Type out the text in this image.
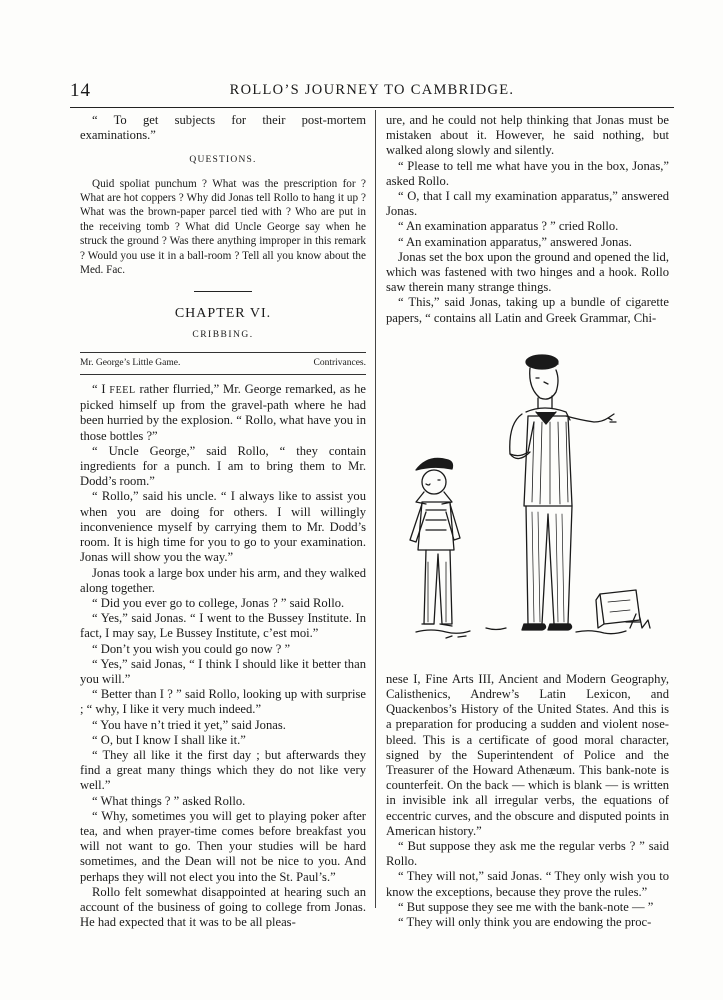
14	ROLLO’S JOURNEY TO CAMBRIDGE.

“ To get subjects for their post-mortem examinations.”

QUESTIONS.

Quid spoliat punchum ? What was the prescription for ? What are hot coppers ? Why did Jonas tell Rollo to hang it up ? What was the brown-paper parcel tied with ? Who are put in the receiving tomb ? What did Uncle George say when he struck the ground ? Was there anything improper in this remark ? Would you use it in a ball-room ? Tell all you know about the Med. Fac.

CHAPTER VI.
CRIBBING.
Mr. George’s Little Game.	Contrivances.

“ I FEEL rather flurried,” Mr. George remarked, as he picked himself up from the gravel-path where he had been hurried by the explosion. “ Rollo, what have you in those bottles ?”

“ Uncle George,” said Rollo, “ they contain ingredients for a punch. I am to bring them to Mr. Dodd’s room.”

“ Rollo,” said his uncle. “ I always like to assist you when you are doing for others. I will willingly inconvenience myself by carrying them to Mr. Dodd’s room. It is high time for you to go to your examination. Jonas will show you the way.”

Jonas took a large box under his arm, and they walked along together.

“ Did you ever go to college, Jonas ? ” said Rollo.

“ Yes,” said Jonas. “ I went to the Bussey Institute. In fact, I may say, Le Bussey Institute, c’est moi.”

“ Don’t you wish you could go now ? ”

“ Yes,” said Jonas, “ I think I should like it better than you will.”

“ Better than I ? ” said Rollo, looking up with surprise ; “ why, I like it very much indeed.”

“ You have n’t tried it yet,” said Jonas.

“ O, but I know I shall like it.”

“ They all like it the first day ; but afterwards they find a great many things which they do not like very well.”

“ What things ? ” asked Rollo.

“ Why, sometimes you will get to playing poker after tea, and when prayer-time comes before breakfast you will not want to go. Then your studies will be hard sometimes, and the Dean will not be nice to you. And perhaps they will not elect you into the St. Paul’s.”

Rollo felt somewhat disappointed at hearing such an account of the business of going to college from Jonas. He had expected that it was to be all pleas-

ure, and he could not help thinking that Jonas must be mistaken about it. However, he said nothing, but walked along slowly and silently.

“ Please to tell me what have you in the box, Jonas,” asked Rollo.

“ O, that I call my examination apparatus,” answered Jonas.

“ An examination apparatus ? ” cried Rollo.

“ An examination apparatus,” answered Jonas.

Jonas set the box upon the ground and opened the lid, which was fastened with two hinges and a hook. Rollo saw therein many strange things.

“ This,” said Jonas, taking up a bundle of cigarette papers, “ contains all Latin and Greek Grammar, Chi-

nese I, Fine Arts III, Ancient and Modern Geography, Calisthenics, Andrew’s Latin Lexicon, and Quackenbos’s History of the United States. And this is a preparation for producing a sudden and violent nose-bleed. This is a certificate of good moral character, signed by the Superintendent of Police and the Treasurer of the Howard Athenæum. This bank-note is counterfeit. On the back — which is blank — is written in invisible ink all irregular verbs, the equations of eccentric curves, and the obscure and disputed points in American history.”

“ But suppose they ask me the regular verbs ? ” said Rollo.

“ They will not,” said Jonas. “ They only wish you to know the exceptions, because they prove the rules.”

“ But suppose they see me with the bank-note — ”

“ They will only think you are endowing the proc-
